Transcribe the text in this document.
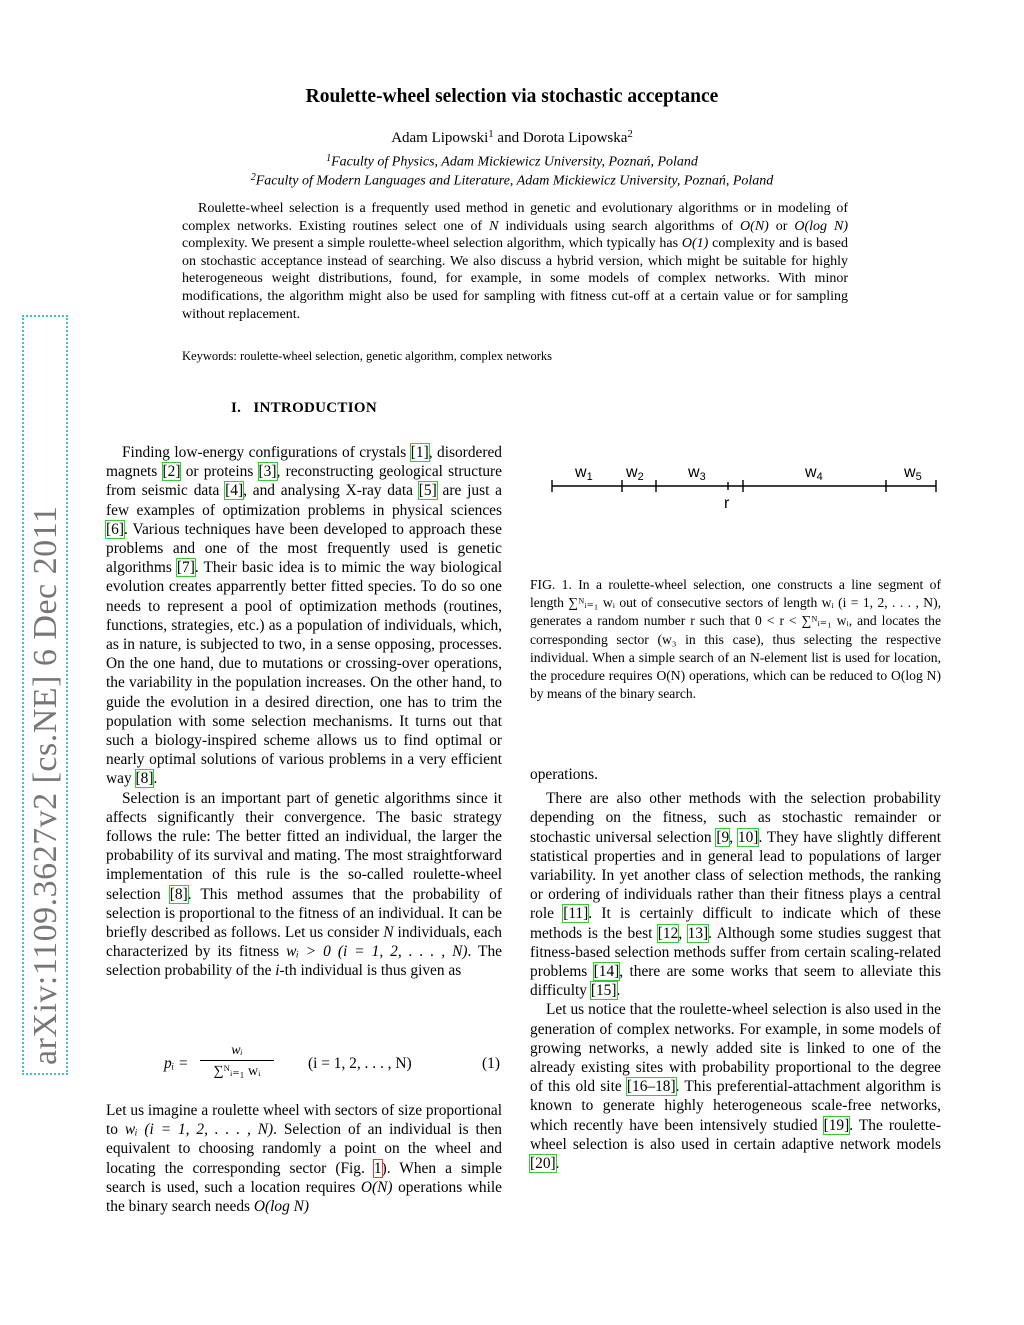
arXiv:1109.3627v2 [cs.NE] 6 Dec 2011
Roulette-wheel selection via stochastic acceptance
Adam Lipowski$^1$ and Dorota Lipowska$^2$
$^1$Faculty of Physics, Adam Mickiewicz University, Poznań, Poland
$^2$Faculty of Modern Languages and Literature, Adam Mickiewicz University, Poznań, Poland

Roulette-wheel selection is a frequently used method in genetic and evolutionary algorithms or in modeling of complex networks. Existing routines select one of N individuals using search algorithms of O(N) or O(log N) complexity. We present a simple roulette-wheel selection algorithm, which typically has O(1) complexity and is based on stochastic acceptance instead of searching. We also discuss a hybrid version, which might be suitable for highly heterogeneous weight distributions, found, for example, in some models of complex networks. With minor modifications, the algorithm might also be used for sampling with fitness cut-off at a certain value or for sampling without replacement.

Keywords: roulette-wheel selection, genetic algorithm, complex networks
I. INTRODUCTION

Finding low-energy configurations of crystals [1], disordered magnets [2] or proteins [3], reconstructing geological structure from seismic data [4], and analysing X-ray data [5] are just a few examples of optimization problems in physical sciences [6]. Various techniques have been developed to approach these problems and one of the most frequently used is genetic algorithms [7]. Their basic idea is to mimic the way biological evolution creates apparrently better fitted species. To do so one needs to represent a pool of optimization methods (routines, functions, strategies, etc.) as a population of individuals, which, as in nature, is subjected to two, in a sense opposing, processes. On the one hand, due to mutations or crossing-over operations, the variability in the population increases. On the other hand, to guide the evolution in a desired direction, one has to trim the population with some selection mechanisms. It turns out that such a biology-inspired scheme allows us to find optimal or nearly optimal solutions of various problems in a very efficient way [8].

Selection is an important part of genetic algorithms since it affects significantly their convergence. The basic strategy follows the rule: The better fitted an individual, the larger the probability of its survival and mating. The most straightforward implementation of this rule is the so-called roulette-wheel selection [8]. This method assumes that the probability of selection is proportional to the fitness of an individual. It can be briefly described as follows. Let us consider N individuals, each characterized by its fitness wᵢ > 0 (i = 1, 2, . . . , N). The selection probability of the i-th individual is thus given as

pᵢ = $\frac{\text{wᵢ}}{\text{∑ᴺᵢ₌₁ wᵢ}} (i = 1$, 2, . . . , N)	(1)

Let us imagine a roulette wheel with sectors of size proportional to wᵢ (i = 1, 2, . . . , N). Selection of an individual is then equivalent to choosing randomly a point on the wheel and locating the corresponding sector (Fig. 1). When a simple search is used, such a location requires O(N) operations while the binary search needs O(log N)

w1 w2	w3	w4	w5
r
FIG. 1. In a roulette-wheel selection, one constructs a line segment of length ∑ᴺᵢ₌₁ wᵢ out of consecutive sectors of length wᵢ (i = 1, 2, . . . , N), generates a random number r such that 0 < r < ∑ᴺᵢ₌₁ wᵢ, and locates the corresponding sector (w₃ in this case), thus selecting the respective individual. When a simple search of an N-element list is used for location, the procedure requires O(N) operations, which can be reduced to O(log N) by means of the binary search.

operations.

There are also other methods with the selection probability depending on the fitness, such as stochastic remainder or stochastic universal selection [9, 10]. They have slightly different statistical properties and in general lead to populations of larger variability. In yet another class of selection methods, the ranking or ordering of individuals rather than their fitness plays a central role [11]. It is certainly difficult to indicate which of these methods is the best [12, 13]. Although some studies suggest that fitness-based selection methods suffer from certain scaling-related problems [14], there are some works that seem to alleviate this difficulty [15].

Let us notice that the roulette-wheel selection is also used in the generation of complex networks. For example, in some models of growing networks, a newly added site is linked to one of the already existing sites with probability proportional to the degree of this old site [16–18]. This preferential-attachment algorithm is known to generate highly heterogeneous scale-free networks, which recently have been intensively studied [19]. The roulette-wheel selection is also used in certain adaptive network models [20].
